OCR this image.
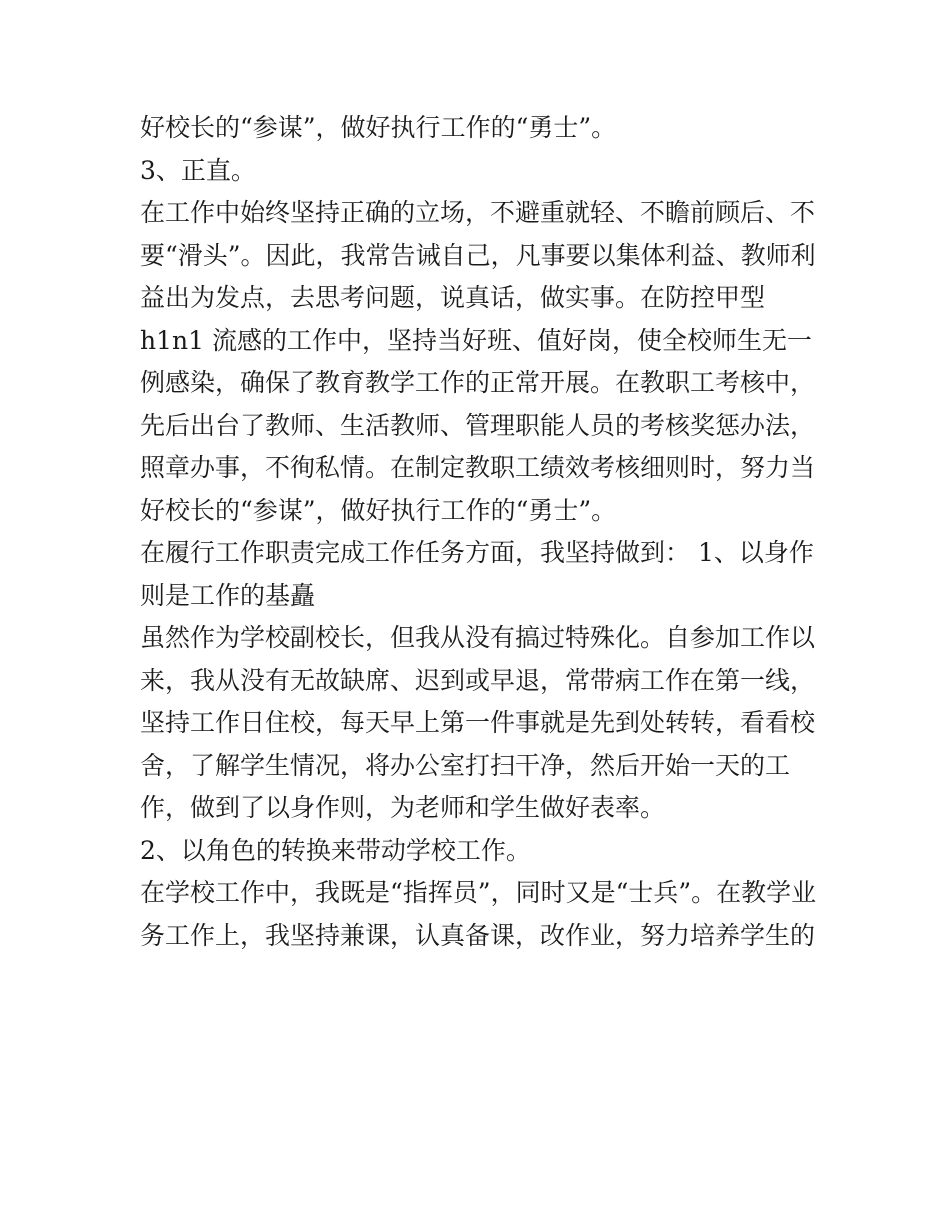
好校长的“参谋”，做好执行工作的“勇士”。
3、正直。
在工作中始终坚持正确的立场，不避重就轻、不瞻前顾后、不
要“滑头”。因此，我常告诫自己，凡事要以集体利益、教师利
益出为发点，去思考问题，说真话，做实事。在防控甲型
h1n1 流感的工作中，坚持当好班、值好岗，使全校师生无一
例感染，确保了教育教学工作的正常开展。在教职工考核中，
先后出台了教师、生活教师、管理职能人员的考核奖惩办法，
照章办事，不徇私情。在制定教职工绩效考核细则时，努力当
好校长的“参谋”，做好执行工作的“勇士”。
在履行工作职责完成工作任务方面，我坚持做到： 1、以身作
则是工作的基矗
虽然作为学校副校长，但我从没有搞过特殊化。自参加工作以
来，我从没有无故缺席、迟到或早退，常带病工作在第一线，
坚持工作日住校，每天早上第一件事就是先到处转转，看看校
舍，了解学生情况，将办公室打扫干净，然后开始一天的工
作，做到了以身作则，为老师和学生做好表率。
2、以角色的转换来带动学校工作。
在学校工作中，我既是“指挥员”，同时又是“士兵”。在教学业
务工作上，我坚持兼课，认真备课，改作业，努力培养学生的
